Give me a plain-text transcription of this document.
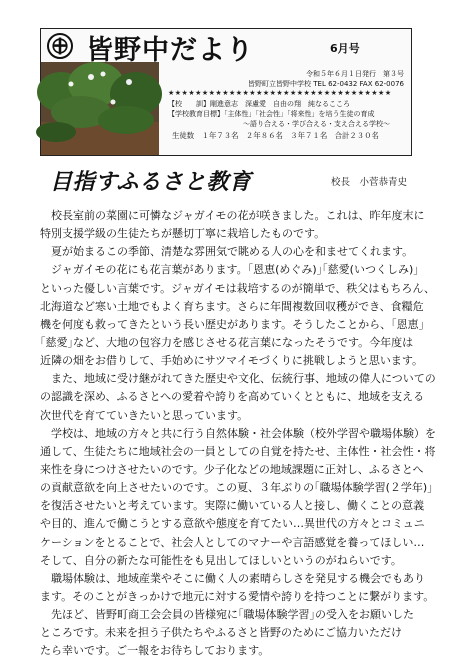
皆野中だより	6月号
令和５年６月１日発行　第３号
皆野町立皆野中学校 TEL 62-0432 FAX 62-0076
★★★★★★★★★★★★★★★★★★★★★★★★★★★★★★★★★
【校　　訓】剛進意志　深慮愛　自由の翔　純なるこころ
【学校教育目標】「主体性」「社会性」「将来性」を培う生徒の育成
～語り合える・学び合える・支え合える学校～
生徒数　１年７３名　２年８６名　３年７１名　合計２３０名
目指すふるさと教育	校長　小菅恭青史
　校長室前の菜園に可憐なジャガイモの花が咲きました。これは、昨年度末に
特別支援学級の生徒たちが懸切丁寧に栽培したものです。
　夏が始まるこの季節、清楚な雰囲気で眺める人の心を和ませてくれます。
　ジャガイモの花にも花言葉があります。｢恩恵(めぐみ)｣｢慈愛(いつくしみ)｣
といった優しい言葉です。ジャガイモは栽培するのが簡単で、秩父はもちろん、
北海道など寒い土地でもよく育ちます。さらに年間複数回収穫ができ、食糧危
機を何度も救ってきたという長い歴史があります。そうしたことから、｢恩恵｣
｢慈愛｣など、大地の包容力を感じさせる花言葉になったそうです。今年度は
近隣の畑をお借りして、手始めにサツマイモづくりに挑戦しようと思います。
　また、地域に受け継がれてきた歴史や文化、伝統行事、地域の偉人についての
の認識を深め、ふるさとへの愛着や誇りを高めていくとともに、地域を支える
次世代を育てていきたいと思っています。
　学校は、地域の方々と共に行う自然体験・社会体験（校外学習や職場体験）を
通して、生徒たちに地域社会の一員としての自覚を持たせ、主体性・社会性・将
来性を身につけさせたいのです。少子化などの地域課題に正対し、ふるさとへ
の貢献意欲を向上させたいのです。この夏、３年ぶりの｢職場体験学習(２学年)｣
を復活させたいと考えています。実際に働いている人と接し、働くことの意義
や目的、進んで働こうとする意欲や態度を育てたい…異世代の方々とコミュニ
ケーションをとることで、社会人としてのマナーや言語感覚を養ってほしい…
そして、自分の新たな可能性をも見出してほしいというのがねらいです。
　職場体験は、地域産業やそこに働く人の素晴らしさを発見する機会でもあり
ます。そのことがきっかけで地元に対する愛情や誇りを持つことに繋がります。
　先ほど、皆野町商工会会員の皆様宛に｢職場体験学習｣の受入をお願いした
ところです。未来を担う子供たちやふるさと皆野のためにご協力いただけ
たら幸いです。ご一報をお待ちしております。
